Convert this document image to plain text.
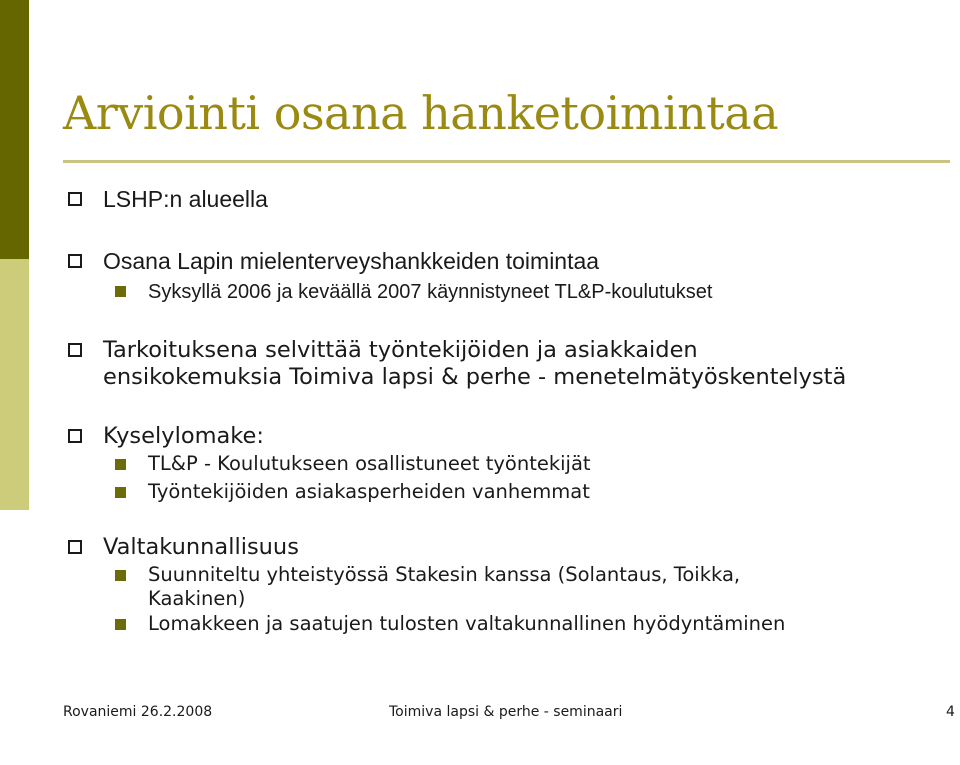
Arviointi osana hanketoimintaa
LSHP:n alueella
Osana Lapin mielenterveyshankkeiden toimintaa
Syksyllä 2006 ja keväällä 2007 käynnistyneet TL&P-koulutukset
Tarkoituksena selvittää työntekijöiden ja asiakkaiden
ensikokemuksia Toimiva lapsi & perhe - menetelmätyöskentelystä
Kyselylomake:
TL&P - Koulutukseen osallistuneet työntekijät
Työntekijöiden asiakasperheiden vanhemmat
Valtakunnallisuus
Suunniteltu yhteistyössä Stakesin kanssa (Solantaus, Toikka,
Kaakinen)
Lomakkeen ja saatujen tulosten valtakunnallinen hyödyntäminen
Rovaniemi 26.2.2008	Toimiva lapsi & perhe - seminaari	4
